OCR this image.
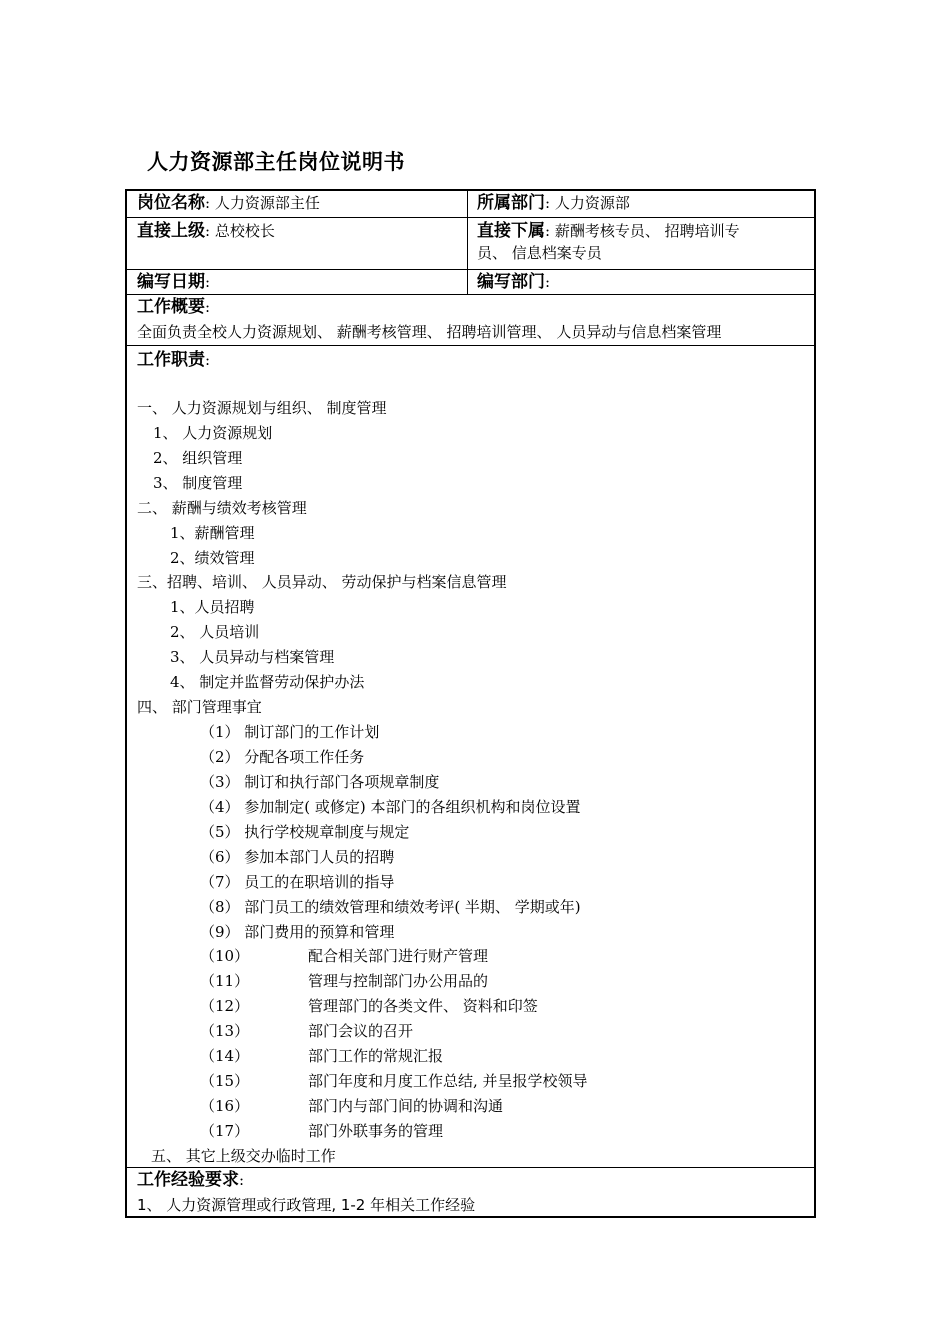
人力资源部主任岗位说明书
岗位名称: 人力资源部主任	所属部门: 人力资源部
直接上级: 总校校长	直接下属: 薪酬考核专员、 招聘培训专
员、 信息档案专员
编写日期:	编写部门:
工作概要:
全面负责全校人力资源规划、 薪酬考核管理、 招聘培训管理、 人员异动与信息档案管理
工作职责:
一、 人力资源规划与组织、 制度管理
1、 人力资源规划
2、 组织管理
3、 制度管理
二、 薪酬与绩效考核管理
1、薪酬管理
2、绩效管理
三、招聘、培训、 人员异动、 劳动保护与档案信息管理
1、人员招聘
2、 人员培训
3、 人员异动与档案管理
4、 制定并监督劳动保护办法
四、 部门管理事宜
（1） 制订部门的工作计划
（2） 分配各项工作任务
（3） 制订和执行部门各项规章制度
（4） 参加制定( 或修定) 本部门的各组织机构和岗位设置
（5） 执行学校规章制度与规定
（6） 参加本部门人员的招聘
（7） 员工的在职培训的指导
（8） 部门员工的绩效管理和绩效考评( 半期、 学期或年)
（9） 部门费用的预算和管理
（10）	配合相关部门进行财产管理
（11）	管理与控制部门办公用品的
（12）	管理部门的各类文件、 资料和印签
（13）	部门会议的召开
（14）	部门工作的常规汇报
（15）	部门年度和月度工作总结, 并呈报学校领导
（16）	部门内与部门间的协调和沟通
（17）	部门外联事务的管理
五、 其它上级交办临时工作
工作经验要求:
1、 人力资源管理或行政管理, 1-2 年相关工作经验
